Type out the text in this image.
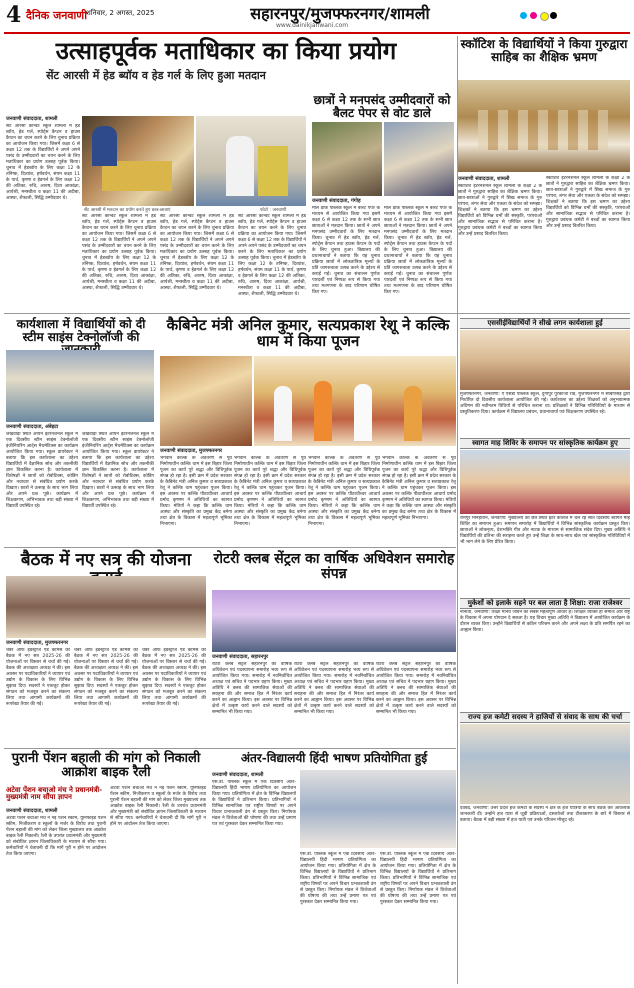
4 दैनिक जनवाणी
शनिवार, 2 अगस्त, 2025	सहारनपुर/मुजफ्फरनगर/शामली
www.dainikjanwani.com
उत्साहपूर्वक मताधिकार का किया प्रयोग
सेंट आरसी में हेड ब्यॉय व हेड गर्ल के लिए हुआ मतदान
सेंट आरसी में मतदान का प्रयोग करते हुए छात्र-छात्राएं	फोटो : जनवाणी
जनवाणी संवाददाता, शामली
सेंट आरसी कान्वेंट स्कूल शामली में हेड ब्वॉय, हेड गर्ल, स्पोर्ट्स कैप्टन व हाउस कैप्टन का चयन करने के लिए चुनाव प्रक्रिया का आयोजन किया गया। जिसमें कक्षा 6 से कक्षा 12 तक के विद्यार्थियों ने अपने अपने पसंद के उम्मीदवारों का चयन करने के लिए मताधिकार का प्रयोग उत्साह पूर्वक किया। चुनाव में हेडब्वॉय के लिए कक्षा 12 के तनिष्क, दिव्यांश, हर्षवर्धन, संयम कक्षा 11 के पार्थ, कृष्णा व हेडगर्ल के लिए कक्षा 12 की अतिका, रुचि, आरुष, दिव्य आकांक्षा, आर्यश्री, मनस्वीता व कक्षा 11 की अदीबा, आस्था, शैफाली, सिद्धि उम्मीदवार थे।
सेंट आरसी कान्वेंट स्कूल शामली में हेड ब्वॉय, हेड गर्ल, स्पोर्ट्स कैप्टन व हाउस कैप्टन का चयन करने के लिए चुनाव प्रक्रिया का आयोजन किया गया। जिसमें कक्षा 6 से कक्षा 12 तक के विद्यार्थियों ने अपने अपने पसंद के उम्मीदवारों का चयन करने के लिए मताधिकार का प्रयोग उत्साह पूर्वक किया। चुनाव में हेडब्वॉय के लिए कक्षा 12 के तनिष्क, दिव्यांश, हर्षवर्धन, संयम कक्षा 11 के पार्थ, कृष्णा व हेडगर्ल के लिए कक्षा 12 की अतिका, रुचि, आरुष, दिव्य आकांक्षा, आर्यश्री, मनस्वीता व कक्षा 11 की अदीबा, आस्था, शैफाली, सिद्धि उम्मीदवार थे।
सेंट आरसी कान्वेंट स्कूल शामली में हेड ब्वॉय, हेड गर्ल, स्पोर्ट्स कैप्टन व हाउस कैप्टन का चयन करने के लिए चुनाव प्रक्रिया का आयोजन किया गया। जिसमें कक्षा 6 से कक्षा 12 तक के विद्यार्थियों ने अपने अपने पसंद के उम्मीदवारों का चयन करने के लिए मताधिकार का प्रयोग उत्साह पूर्वक किया। चुनाव में हेडब्वॉय के लिए कक्षा 12 के तनिष्क, दिव्यांश, हर्षवर्धन, संयम कक्षा 11 के पार्थ, कृष्णा व हेडगर्ल के लिए कक्षा 12 की अतिका, रुचि, आरुष, दिव्य आकांक्षा, आर्यश्री, मनस्वीता व कक्षा 11 की अदीबा, आस्था, शैफाली, सिद्धि उम्मीदवार थे।
सेंट आरसी कान्वेंट स्कूल शामली में हेड ब्वॉय, हेड गर्ल, स्पोर्ट्स कैप्टन व हाउस कैप्टन का चयन करने के लिए चुनाव प्रक्रिया का आयोजन किया गया। जिसमें कक्षा 6 से कक्षा 12 तक के विद्यार्थियों ने अपने अपने पसंद के उम्मीदवारों का चयन करने के लिए मताधिकार का प्रयोग उत्साह पूर्वक किया। चुनाव में हेडब्वॉय के लिए कक्षा 12 के तनिष्क, दिव्यांश, हर्षवर्धन, संयम कक्षा 11 के पार्थ, कृष्णा व हेडगर्ल के लिए कक्षा 12 की अतिका, रुचि, आरुष, दिव्य आकांक्षा, आर्यश्री, मनस्वीता व कक्षा 11 की अदीबा, आस्था, शैफाली, सिद्धि उम्मीदवार थे।
छात्रों ने मनपसंद उम्मीदवारों को बैलट पेपर से वोट डाले
जनवाणी संवाददाता, गंगोह
मील डाक पब्लिक स्कूल में बैलट पेपर के माध्यम से आयोजित किया गया इसमें कक्षा 6 से कक्षा 12 तक के सभी छात्र छात्राओं ने मतदान किया। छात्रों ने अपने मनपसंद उम्मीदवारों के लिए मतदान किया। चुनाव में हेड ब्वॉय, हेड गर्ल, स्पोर्ट्स कैप्टन तथा हाउस कैप्टन के पदों के लिए चुनाव हुआ। विद्यालय की प्रधानाचार्या ने बताया कि यह चुनाव प्रक्रिया छात्रों में लोकतांत्रिक मूल्यों के प्रति जागरूकता उत्पन्न करने के उद्देश्य से कराई गई। चुनाव का संचालन पूर्णतः पारदर्शी एवं निष्पक्ष रूप से किया गया तथा मतगणना के बाद परिणाम घोषित किए गए।
मील डाक पब्लिक स्कूल में बैलट पेपर के माध्यम से आयोजित किया गया इसमें कक्षा 6 से कक्षा 12 तक के सभी छात्र छात्राओं ने मतदान किया। छात्रों ने अपने मनपसंद उम्मीदवारों के लिए मतदान किया। चुनाव में हेड ब्वॉय, हेड गर्ल, स्पोर्ट्स कैप्टन तथा हाउस कैप्टन के पदों के लिए चुनाव हुआ। विद्यालय की प्रधानाचार्या ने बताया कि यह चुनाव प्रक्रिया छात्रों में लोकतांत्रिक मूल्यों के प्रति जागरूकता उत्पन्न करने के उद्देश्य से कराई गई। चुनाव का संचालन पूर्णतः पारदर्शी एवं निष्पक्ष रूप से किया गया तथा मतगणना के बाद परिणाम घोषित किए गए।
स्कॉटिश के विद्यार्थियों ने किया गुरुद्वारा साहिब का शैक्षिक भ्रमण
जनवाणी संवाददाता, शामली
स्कॉटिश इंटरनेशनल स्कूल शामली के कक्षा 2 के छात्रों ने गुरुद्वारा साहिब का शैक्षिक भ्रमण किया। छात्र-छात्राओं ने गुरुद्वारे में सिख समाज के गुरु परंपरा, लंगर सेवा और एकता के संदेश को समझा। शिक्षकों ने बताया कि इस भ्रमण का उद्देश्य विद्यार्थियों को विभिन्न धर्मों की संस्कृति, परंपराओं और सामाजिक सद्भाव से परिचित कराना है। गुरुद्वारा प्रबंधक कमेटी ने बच्चों का स्वागत किया और उन्हें प्रसाद वितरित किया।
स्कॉटिश इंटरनेशनल स्कूल शामली के कक्षा 2 के छात्रों ने गुरुद्वारा साहिब का शैक्षिक भ्रमण किया। छात्र-छात्राओं ने गुरुद्वारे में सिख समाज के गुरु परंपरा, लंगर सेवा और एकता के संदेश को समझा। शिक्षकों ने बताया कि इस भ्रमण का उद्देश्य विद्यार्थियों को विभिन्न धर्मों की संस्कृति, परंपराओं और सामाजिक सद्भाव से परिचित कराना है। गुरुद्वारा प्रबंधक कमेटी ने बच्चों का स्वागत किया और उन्हें प्रसाद वितरित किया।
कार्यशाला में विद्यार्थियों को दी स्टीम साइंस टेक्नोलॉजी की
जनवाणी संवाददाता, अंबेहटा
जखवाड़ा स्थित आर्यन इंटरनेशनल स्कूल में एक दिवसीय स्टीम साइंस टेक्नोलॉजी इंजीनियरिंग आर्ट्स मैथमेटिक्स का कार्यक्रम आयोजित किया गया। स्कूल डायरेक्टर ने बताया कि इस कार्यशाला का उद्देश्य विद्यार्थियों में वैज्ञानिक सोच और तकनीकी ज्ञान विकसित करना है। कार्यशाला में विशेषज्ञों ने छात्रों को रोबोटिक्स, कोडिंग और नवाचार से संबंधित प्रयोग करके दिखाए। छात्रों ने उत्साह के साथ भाग लिया और अपने प्रश्न पूछे। कार्यक्रम में शिक्षकगण, अभिभावक तथा बड़ी संख्या में विद्यार्थी उपस्थित रहे।
जखवाड़ा स्थित आर्यन इंटरनेशनल स्कूल में एक दिवसीय स्टीम साइंस टेक्नोलॉजी इंजीनियरिंग आर्ट्स मैथमेटिक्स का कार्यक्रम आयोजित किया गया। स्कूल डायरेक्टर ने बताया कि इस कार्यशाला का उद्देश्य विद्यार्थियों में वैज्ञानिक सोच और तकनीकी ज्ञान विकसित करना है। कार्यशाला में विशेषज्ञों ने छात्रों को रोबोटिक्स, कोडिंग और नवाचार से संबंधित प्रयोग करके दिखाए। छात्रों ने उत्साह के साथ भाग लिया और अपने प्रश्न पूछे। कार्यक्रम में शिक्षकगण, अभिभावक तथा बड़ी संख्या में विद्यार्थी उपस्थित रहे।
कैबिनेट मंत्री अनिल कुमार, सत्यप्रकाश रेशू ने कल्कि धाम में किया पूजन
जनवाणी संवाददाता, मुजफ्फरनगर
भगवान कल्कि के अवतरण से पूर्व निर्माणाधीन कल्कि धाम में इस बिहार जिला पूजन का कार्य पूरे श्रद्धा और विधिपूर्वक संपन्न हो रहा है। इसी क्रम में प्रदेश सरकार के कैबिनेट मंत्री अनिल कुमार व सत्यप्रकाश रेशू ने कल्कि धाम पहुंचकर पूजन किया। इस अवसर पर कल्कि पीठाधीश्वर आचार्य प्रमोद कृष्णम ने अतिथियों का स्वागत किया। मंत्रियों ने कहा कि कल्कि धाम आस्था और संस्कृति का प्रमुख केंद्र बनेगा तथा क्षेत्र के विकास में महत्वपूर्ण भूमिका निभाएगा।
भगवान कल्कि के अवतरण से पूर्व निर्माणाधीन कल्कि धाम में इस बिहार जिला पूजन का कार्य पूरे श्रद्धा और विधिपूर्वक संपन्न हो रहा है। इसी क्रम में प्रदेश सरकार के कैबिनेट मंत्री अनिल कुमार व सत्यप्रकाश रेशू ने कल्कि धाम पहुंचकर पूजन किया। इस अवसर पर कल्कि पीठाधीश्वर आचार्य प्रमोद कृष्णम ने अतिथियों का स्वागत किया। मंत्रियों ने कहा कि कल्कि धाम आस्था और संस्कृति का प्रमुख केंद्र बनेगा तथा क्षेत्र के विकास में महत्वपूर्ण भूमिका निभाएगा।
भगवान कल्कि के अवतरण से पूर्व निर्माणाधीन कल्कि धाम में इस बिहार जिला पूजन का कार्य पूरे श्रद्धा और विधिपूर्वक संपन्न हो रहा है। इसी क्रम में प्रदेश सरकार के कैबिनेट मंत्री अनिल कुमार व सत्यप्रकाश रेशू ने कल्कि धाम पहुंचकर पूजन किया। इस अवसर पर कल्कि पीठाधीश्वर आचार्य प्रमोद कृष्णम ने अतिथियों का स्वागत किया। मंत्रियों ने कहा कि कल्कि धाम आस्था और संस्कृति का प्रमुख केंद्र बनेगा तथा क्षेत्र के विकास में महत्वपूर्ण भूमिका निभाएगा।
भगवान कल्कि के अवतरण से पूर्व निर्माणाधीन कल्कि धाम में इस बिहार जिला पूजन का कार्य पूरे श्रद्धा और विधिपूर्वक संपन्न हो रहा है। इसी क्रम में प्रदेश सरकार के कैबिनेट मंत्री अनिल कुमार व सत्यप्रकाश रेशू ने कल्कि धाम पहुंचकर पूजन किया। इस अवसर पर कल्कि पीठाधीश्वर आचार्य प्रमोद कृष्णम ने अतिथियों का स्वागत किया। मंत्रियों ने कहा कि कल्कि धाम आस्था और संस्कृति का प्रमुख केंद्र बनेगा तथा क्षेत्र के विकास में महत्वपूर्ण भूमिका निभाएगा।
एससीईविद्यार्थियों ने सीखे लगन कार्यशाला हुई
मुजफ्फरनगर, जनवाणी: ए एसडी पब्लिक स्कूल, दुर्गापुर पुरकाजी रोड, मुजफ्फरनगर में सीबीएसई द्वारा निर्धारित दो दिवसीय कार्यशाला आयोजित की गई। कार्यशाला का उद्देश्य शिक्षकों को अनुभवात्मक अधिगम की नवीनतम विधियों से परिचित कराना था। प्रशिक्षकों ने विभिन्न गतिविधियों के माध्यम से प्रस्तुतिकरण दिया। कार्यक्रम में विद्यालय प्रबंधन, प्रधानाचार्या एवं शिक्षकगण उपस्थित रहे।
स्वागत माह शिविर के समापन पर सांस्कृतिक कार्यक्रम हुए
रामपुर मनिहारान, जनवाणी: मुख्यालय की छेत्र स्थित इंटर कालेज में चल रहे सात दिवसीय स्वागत माह शिविर का समापन हुआ। समापन समारोह में विद्यार्थियों ने विभिन्न सांस्कृतिक कार्यक्रम प्रस्तुत किए। छात्राओं ने लोकनृत्य, देशभक्ति गीत और नाटक के माध्यम से सामाजिक संदेश दिए। मुख्य अतिथि ने विद्यार्थियों की प्रतिभा की सराहना करते हुए उन्हें शिक्षा के साथ-साथ खेल एवं सांस्कृतिक गतिविधियों में भी भाग लेने के लिए प्रेरित किया।
मुकेशों को इलाके सहने पर बल लाता है शिक्षा: राजा राजेश्वर
नानौता, जनवाणी: शिक्षा मानव जीवन का सबसे महत्वपूर्ण आधार है। शिक्षित व्यक्ति ही समाज और राष्ट्र के विकास में अपना योगदान दे सकता है। यह विचार मुख्य अतिथि ने विद्यालय में आयोजित कार्यक्रम के दौरान व्यक्त किए। उन्होंने विद्यार्थियों से कठिन परिश्रम करने और अपने लक्ष्य के प्रति समर्पित रहने का आह्वान किया।
राज्य हज कमेटी सदस्य ने हाजियों से संवाद के साथ की चर्चा
देवबंद, जनवाणी: उत्तर प्रदेश हज कमेटी के सदस्य ने क्षेत्र के हज यात्रियों के साथ बैठक कर आवश्यक जानकारी दी। उन्होंने हज यात्रा से जुड़ी प्रक्रियाओं, दस्तावेजों तथा टीकाकरण के बारे में विस्तार से बताया। बैठक में बड़ी संख्या में हज यात्री एवं उनके परिजन मौजूद रहे।
बैठक में नए सत्र की योजना
जनवाणी संवाददाता, मुजफ्फरनगर
चैंबर ऑफ इंडस्ट्रीज एंड कॉमर्स की बैठक में नए सत्र 2025-26 की योजनाओं पर विस्तार से चर्चा की गई। बैठक की अध्यक्षता अध्यक्ष ने की। इस अवसर पर पदाधिकारियों ने व्यापार एवं उद्योग के विकास के लिए विभिन्न सुझाव दिए। सदस्यों ने एकजुट होकर संगठन को मजबूत करने का संकल्प लिया तथा आगामी कार्यक्रमों की रूपरेखा तैयार की गई।
चैंबर ऑफ इंडस्ट्रीज एंड कॉमर्स की बैठक में नए सत्र 2025-26 की योजनाओं पर विस्तार से चर्चा की गई। बैठक की अध्यक्षता अध्यक्ष ने की। इस अवसर पर पदाधिकारियों ने व्यापार एवं उद्योग के विकास के लिए विभिन्न सुझाव दिए। सदस्यों ने एकजुट होकर संगठन को मजबूत करने का संकल्प लिया तथा आगामी कार्यक्रमों की रूपरेखा तैयार की गई।
चैंबर ऑफ इंडस्ट्रीज एंड कॉमर्स की बैठक में नए सत्र 2025-26 की योजनाओं पर विस्तार से चर्चा की गई। बैठक की अध्यक्षता अध्यक्ष ने की। इस अवसर पर पदाधिकारियों ने व्यापार एवं उद्योग के विकास के लिए विभिन्न सुझाव दिए। सदस्यों ने एकजुट होकर संगठन को मजबूत करने का संकल्प लिया तथा आगामी कार्यक्रमों की रूपरेखा तैयार की गई।
रोटरी क्लब सेंट्रल का वार्षिक अधिवेशन समारोह संपन्न
जनवाणी संवाददाता, सहारनपुर
रोटरी क्लब सेंट्रल सहारनपुर का वार्षिक अधिवेशन एवं पदस्थापना समारोह भव्य रूप से आयोजित किया गया। समारोह में नवनिर्वाचित अध्यक्ष एवं सचिव ने पदभार ग्रहण किया। मुख्य अतिथि ने क्लब की सामाजिक सेवाओं की सराहना की और समाज हित में निरंतर कार्य करने का आह्वान किया। इस अवसर पर विभिन्न क्षेत्रों में उत्कृष्ट कार्य करने वाले सदस्यों को सम्मानित भी किया गया।
रोटरी क्लब सेंट्रल सहारनपुर का वार्षिक अधिवेशन एवं पदस्थापना समारोह भव्य रूप से आयोजित किया गया। समारोह में नवनिर्वाचित अध्यक्ष एवं सचिव ने पदभार ग्रहण किया। मुख्य अतिथि ने क्लब की सामाजिक सेवाओं की सराहना की और समाज हित में निरंतर कार्य करने का आह्वान किया। इस अवसर पर विभिन्न क्षेत्रों में उत्कृष्ट कार्य करने वाले सदस्यों को सम्मानित भी किया गया।
रोटरी क्लब सेंट्रल सहारनपुर का वार्षिक अधिवेशन एवं पदस्थापना समारोह भव्य रूप से आयोजित किया गया। समारोह में नवनिर्वाचित अध्यक्ष एवं सचिव ने पदभार ग्रहण किया। मुख्य अतिथि ने क्लब की सामाजिक सेवाओं की सराहना की और समाज हित में निरंतर कार्य करने का आह्वान किया। इस अवसर पर विभिन्न क्षेत्रों में उत्कृष्ट कार्य करने वाले सदस्यों को सम्मानित भी किया गया।
पुरानी पेंशन बहाली की मांग को निकाली आक्रोश बाइक रैली
अटेवा पेंशन बचाओ मंच ने प्रधानमंत्री-मुख्यमंत्री नाम सौंपा ज्ञापन
जनवाणी संवाददाता, शामली
अटेवा पेंशन बचाओ मंच ने नई पेंशन स्कीम, यूनिफाइड पेंशन स्कीम, निजीकरण व स्कूलों के मर्जर के विरोध तथा पुरानी पेंशन बहाली की मांग को लेकर जिला मुख्यालय तक आक्रोश बाइक रैली निकाली। रैली के उपरांत प्रधानमंत्री और मुख्यमंत्री को संबोधित ज्ञापन जिलाधिकारी के माध्यम से सौंपा गया। कर्मचारियों ने चेतावनी दी कि मांगें पूरी न होने पर आंदोलन तेज किया जाएगा।
अटेवा पेंशन बचाओ मंच ने नई पेंशन स्कीम, यूनिफाइड पेंशन स्कीम, निजीकरण व स्कूलों के मर्जर के विरोध तथा पुरानी पेंशन बहाली की मांग को लेकर जिला मुख्यालय तक आक्रोश बाइक रैली निकाली। रैली के उपरांत प्रधानमंत्री और मुख्यमंत्री को संबोधित ज्ञापन जिलाधिकारी के माध्यम से सौंपा गया। कर्मचारियों ने चेतावनी दी कि मांगें पूरी न होने पर आंदोलन तेज किया जाएगा।
अंतर-विद्यालयी हिंदी भाषण प्रतियोगिता हुई
जनवाणी संवाददाता, शामली
एस.डी. पब्लिक स्कूल में एक दिवसीय अंतर-विद्यालयी हिंदी भाषण प्रतियोगिता का आयोजन किया गया। प्रतियोगिता में क्षेत्र के विभिन्न विद्यालयों के विद्यार्थियों ने प्रतिभाग किया। प्रतिभागियों ने विभिन्न सामाजिक एवं राष्ट्रीय विषयों पर अपने विचार प्रभावशाली ढंग से प्रस्तुत किए। निर्णायक मंडल ने विजेताओं की घोषणा की तथा उन्हें प्रमाण पत्र एवं पुरस्कार देकर सम्मानित किया गया।
एस.डी. पब्लिक स्कूल में एक दिवसीय अंतर-विद्यालयी हिंदी भाषण प्रतियोगिता का आयोजन किया गया। प्रतियोगिता में क्षेत्र के विभिन्न विद्यालयों के विद्यार्थियों ने प्रतिभाग किया। प्रतिभागियों ने विभिन्न सामाजिक एवं राष्ट्रीय विषयों पर अपने विचार प्रभावशाली ढंग से प्रस्तुत किए। निर्णायक मंडल ने विजेताओं की घोषणा की तथा उन्हें प्रमाण पत्र एवं पुरस्कार देकर सम्मानित किया गया।
एस.डी. पब्लिक स्कूल में एक दिवसीय अंतर-विद्यालयी हिंदी भाषण प्रतियोगिता का आयोजन किया गया। प्रतियोगिता में क्षेत्र के विभिन्न विद्यालयों के विद्यार्थियों ने प्रतिभाग किया। प्रतिभागियों ने विभिन्न सामाजिक एवं राष्ट्रीय विषयों पर अपने विचार प्रभावशाली ढंग से प्रस्तुत किए। निर्णायक मंडल ने विजेताओं की घोषणा की तथा उन्हें प्रमाण पत्र एवं पुरस्कार देकर सम्मानित किया गया।
